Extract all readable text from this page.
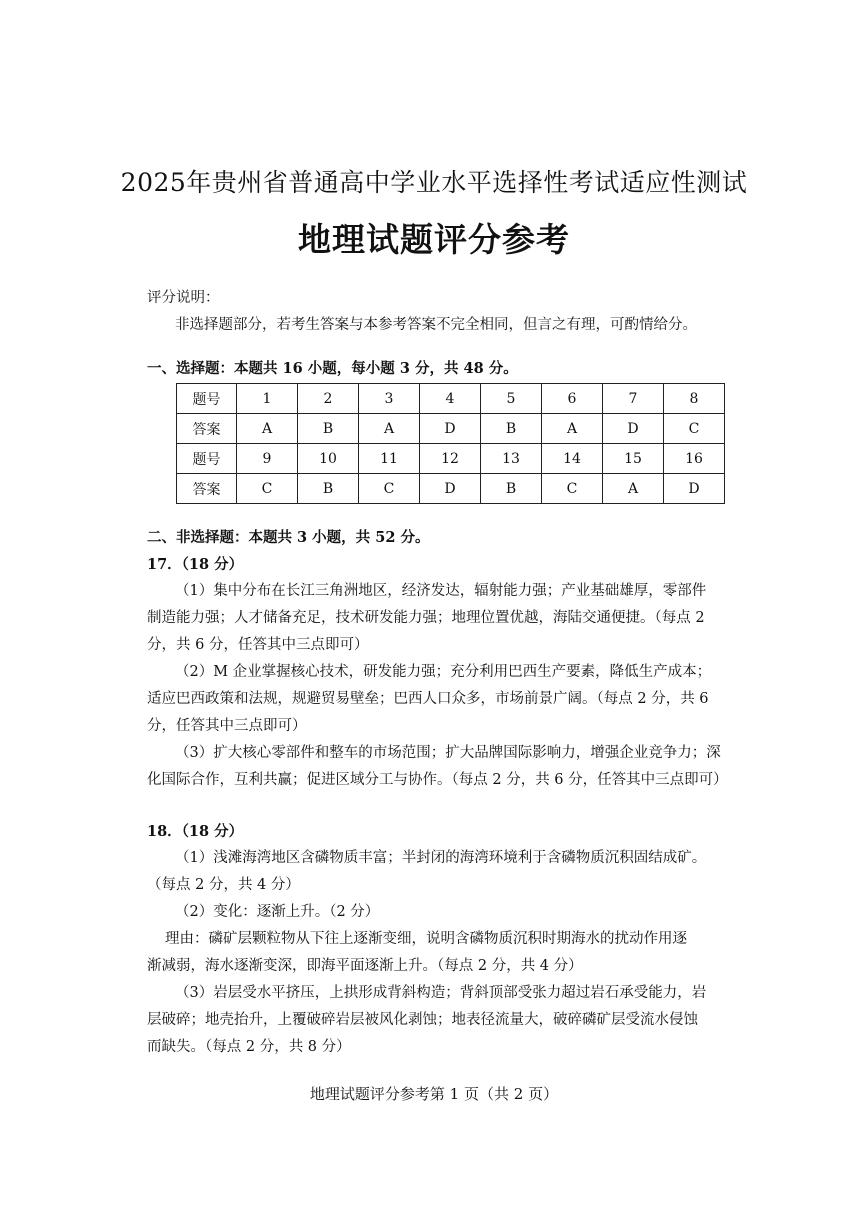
2025年贵州省普通高中学业水平选择性考试适应性测试
地理试题评分参考
评分说明：
非选择题部分，若考生答案与本参考答案不完全相同，但言之有理，可酌情给分。
一、选择题：本题共 16 小题，每小题 3 分，共 48 分。
题号	1	2	3	4	5	6	7	8
答案	A	B	A	D	B	A	D	C
题号	9	10	11	12	13	14	15	16
答案	C	B	C	D	B	C	A	D
二、非选择题：本题共 3 小题，共 52 分。
17．（18 分）
（1）集中分布在长江三角洲地区，经济发达，辐射能力强；产业基础雄厚，零部件
制造能力强；人才储备充足，技术研发能力强；地理位置优越，海陆交通便捷。（每点 2
分，共 6 分，任答其中三点即可）
（2）M 企业掌握核心技术，研发能力强；充分利用巴西生产要素，降低生产成本；
适应巴西政策和法规，规避贸易壁垒；巴西人口众多，市场前景广阔。（每点 2 分，共 6
分，任答其中三点即可）
（3）扩大核心零部件和整车的市场范围；扩大品牌国际影响力，增强企业竞争力；深
化国际合作，互利共赢；促进区域分工与协作。（每点 2 分，共 6 分，任答其中三点即可）
18．（18 分）
（1）浅滩海湾地区含磷物质丰富；半封闭的海湾环境利于含磷物质沉积固结成矿。
（每点 2 分，共 4 分）
（2）变化：逐渐上升。（2 分）
理由：磷矿层颗粒物从下往上逐渐变细，说明含磷物质沉积时期海水的扰动作用逐
渐减弱，海水逐渐变深，即海平面逐渐上升。（每点 2 分，共 4 分）
（3）岩层受水平挤压，上拱形成背斜构造；背斜顶部受张力超过岩石承受能力，岩
层破碎；地壳抬升，上覆破碎岩层被风化剥蚀；地表径流量大，破碎磷矿层受流水侵蚀
而缺失。（每点 2 分，共 8 分）
地理试题评分参考第 1 页（共 2 页）
